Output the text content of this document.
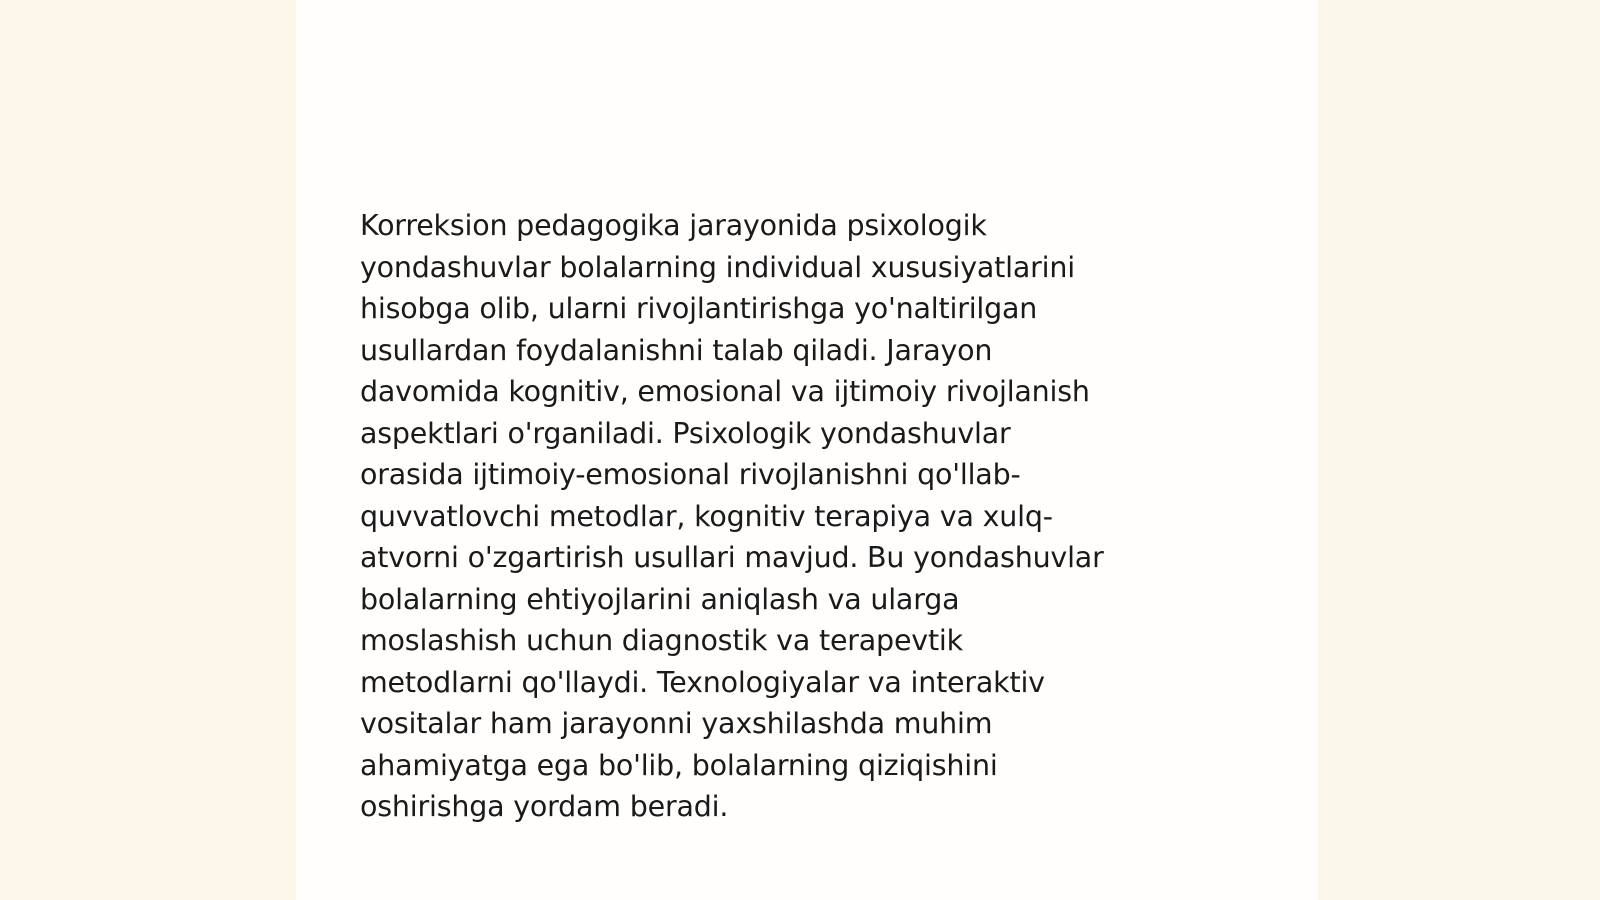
Korreksion pedagogika jarayonida psixologik
yondashuvlar bolalarning individual xususiyatlarini
hisobga olib, ularni rivojlantirishga yo'naltirilgan
usullardan foydalanishni talab qiladi. Jarayon
davomida kognitiv, emosional va ijtimoiy rivojlanish
aspektlari o'rganiladi. Psixologik yondashuvlar
orasida ijtimoiy-emosional rivojlanishni qo'llab-
quvvatlovchi metodlar, kognitiv terapiya va xulq-
atvorni o'zgartirish usullari mavjud. Bu yondashuvlar
bolalarning ehtiyojlarini aniqlash va ularga
moslashish uchun diagnostik va terapevtik
metodlarni qo'llaydi. Texnologiyalar va interaktiv
vositalar ham jarayonni yaxshilashda muhim
ahamiyatga ega bo'lib, bolalarning qiziqishini
oshirishga yordam beradi.
